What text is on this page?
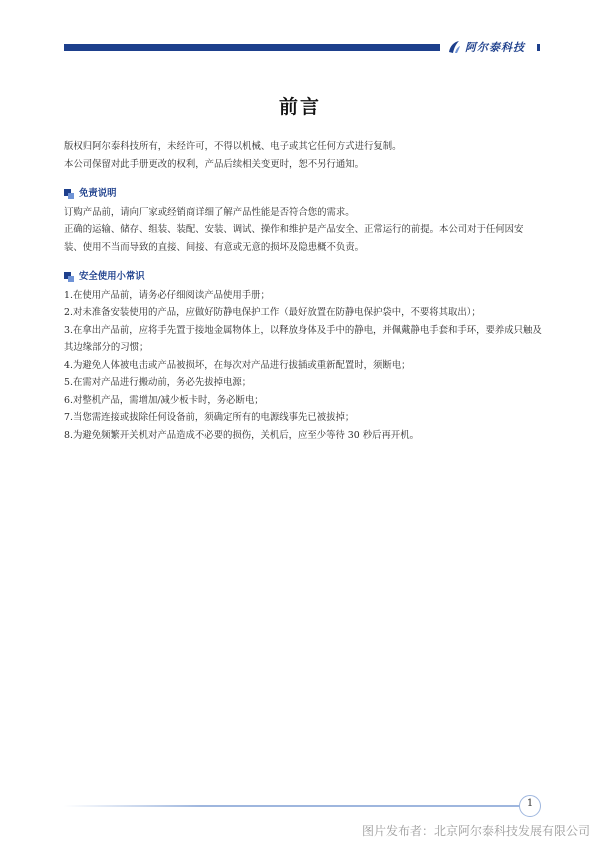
阿尔泰科技
前言

版权归阿尔泰科技所有，未经许可，不得以机械、电子或其它任何方式进行复制。

本公司保留对此手册更改的权利，产品后续相关变更时，恕不另行通知。

免责说明

订购产品前，请向厂家或经销商详细了解产品性能是否符合您的需求。

正确的运输、储存、组装、装配、安装、调试、操作和维护是产品安全、正常运行的前提。本公司对于任何因安装、使用不当而导致的直接、间接、有意或无意的损坏及隐患概不负责。

安全使用小常识

1.在使用产品前，请务必仔细阅读产品使用手册；

2.对未准备安装使用的产品，应做好防静电保护工作（最好放置在防静电保护袋中，不要将其取出）；

3.在拿出产品前，应将手先置于接地金属物体上，以释放身体及手中的静电，并佩戴静电手套和手环，要养成只触及其边缘部分的习惯；

4.为避免人体被电击或产品被损坏，在每次对产品进行拔插或重新配置时，须断电；

5.在需对产品进行搬动前，务必先拔掉电源；

6.对整机产品，需增加/减少板卡时，务必断电；

7.当您需连接或拔除任何设备前，须确定所有的电源线事先已被拔掉；

8.为避免频繁开关机对产品造成不必要的损伤，关机后，应至少等待 30 秒后再开机。

1
图片发布者：北京阿尔泰科技发展有限公司
